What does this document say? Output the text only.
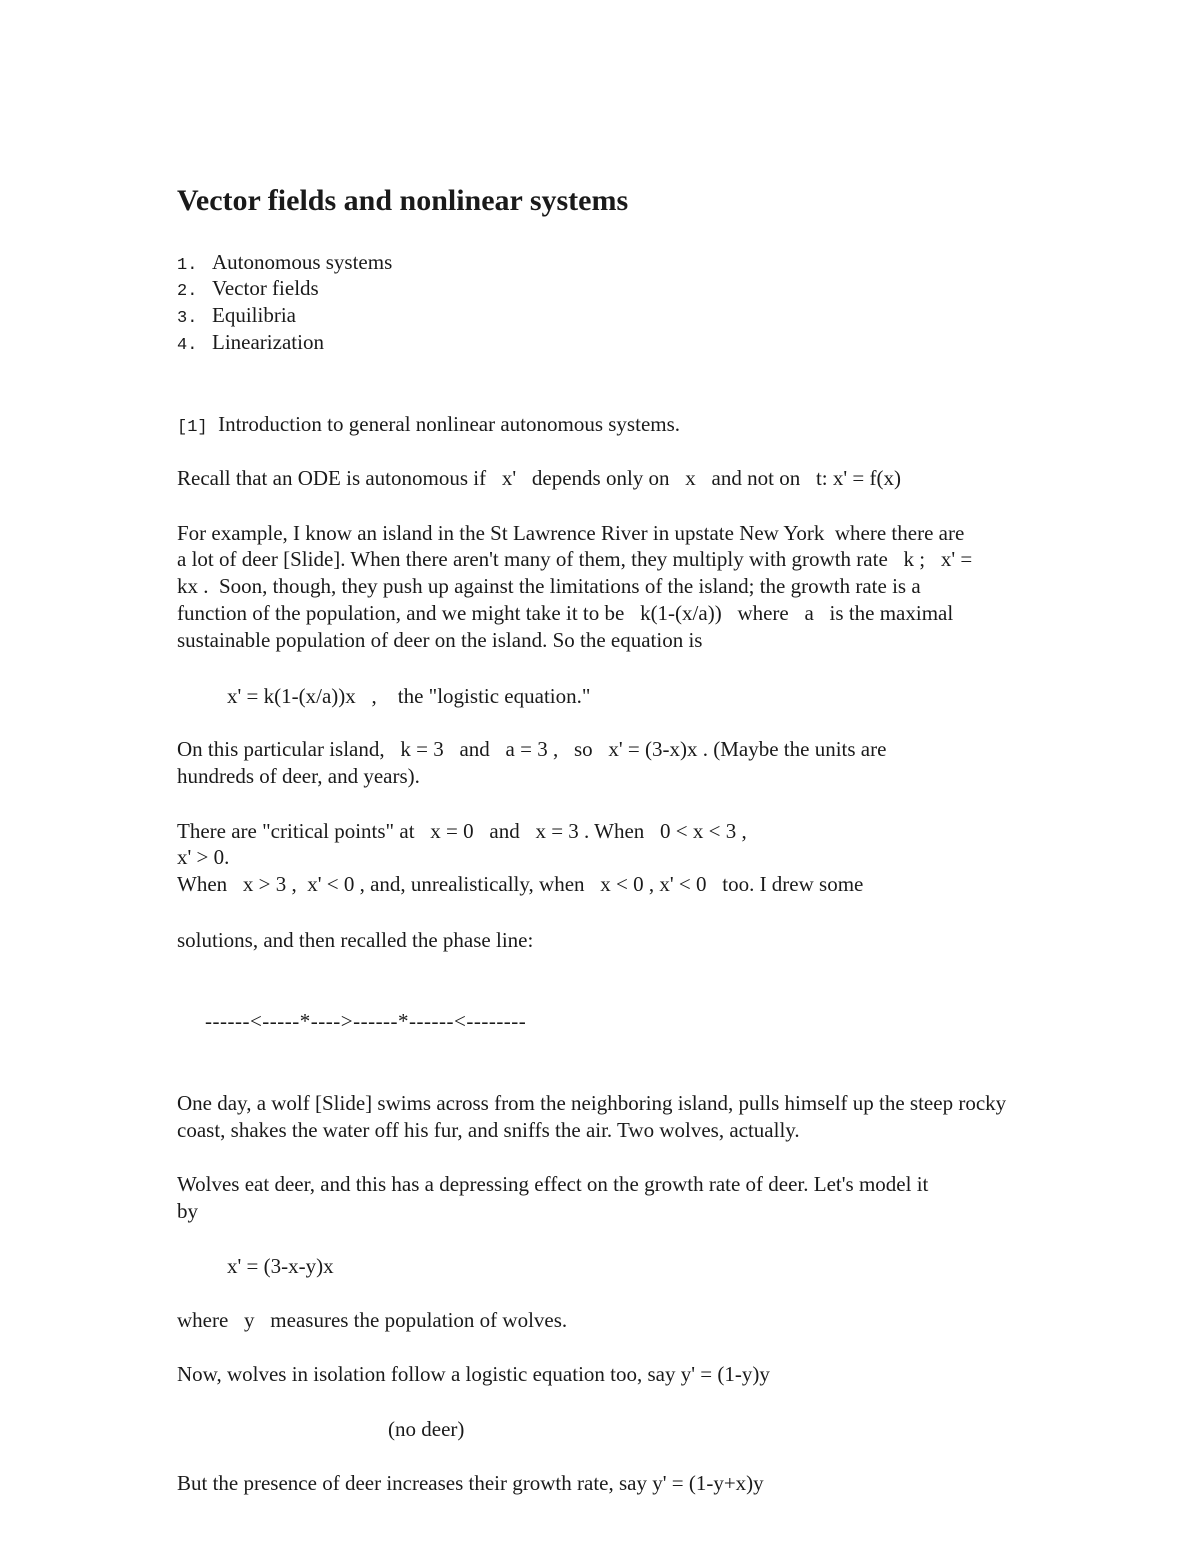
Vector fields and nonlinear systems
1. Autonomous systems
2. Vector fields
3. Equilibria
4. Linearization
[1] Introduction to general nonlinear autonomous systems.
Recall that an ODE is autonomous if   x'   depends only on   x   and not on   t: x' = f(x)
For example, I know an island in the St Lawrence River in upstate New York  where there are
a lot of deer [Slide]. When there aren't many of them, they multiply with growth rate   k ;   x' =
kx .  Soon, though, they push up against the limitations of the island; the growth rate is a
function of the population, and we might take it to be   k(1-(x/a))   where   a   is the maximal
sustainable population of deer on the island. So the equation is
x' = k(1-(x/a))x   ,    the "logistic equation."
On this particular island,   k = 3   and   a = 3 ,   so   x' = (3-x)x . (Maybe the units are
hundreds of deer, and years).
There are "critical points" at   x = 0   and   x = 3 . When   0 < x < 3 ,
x' > 0.
When   x > 3 ,  x' < 0 , and, unrealistically, when   x < 0 , x' < 0   too. I drew some
solutions, and then recalled the phase line:
------<-----*---->------*------<--------
One day, a wolf [Slide] swims across from the neighboring island, pulls himself up the steep rocky
coast, shakes the water off his fur, and sniffs the air. Two wolves, actually.
Wolves eat deer, and this has a depressing effect on the growth rate of deer. Let's model it
by
x' = (3-x-y)x
where   y   measures the population of wolves.
Now, wolves in isolation follow a logistic equation too, say y' = (1-y)y
(no deer)
But the presence of deer increases their growth rate, say y' = (1-y+x)y
